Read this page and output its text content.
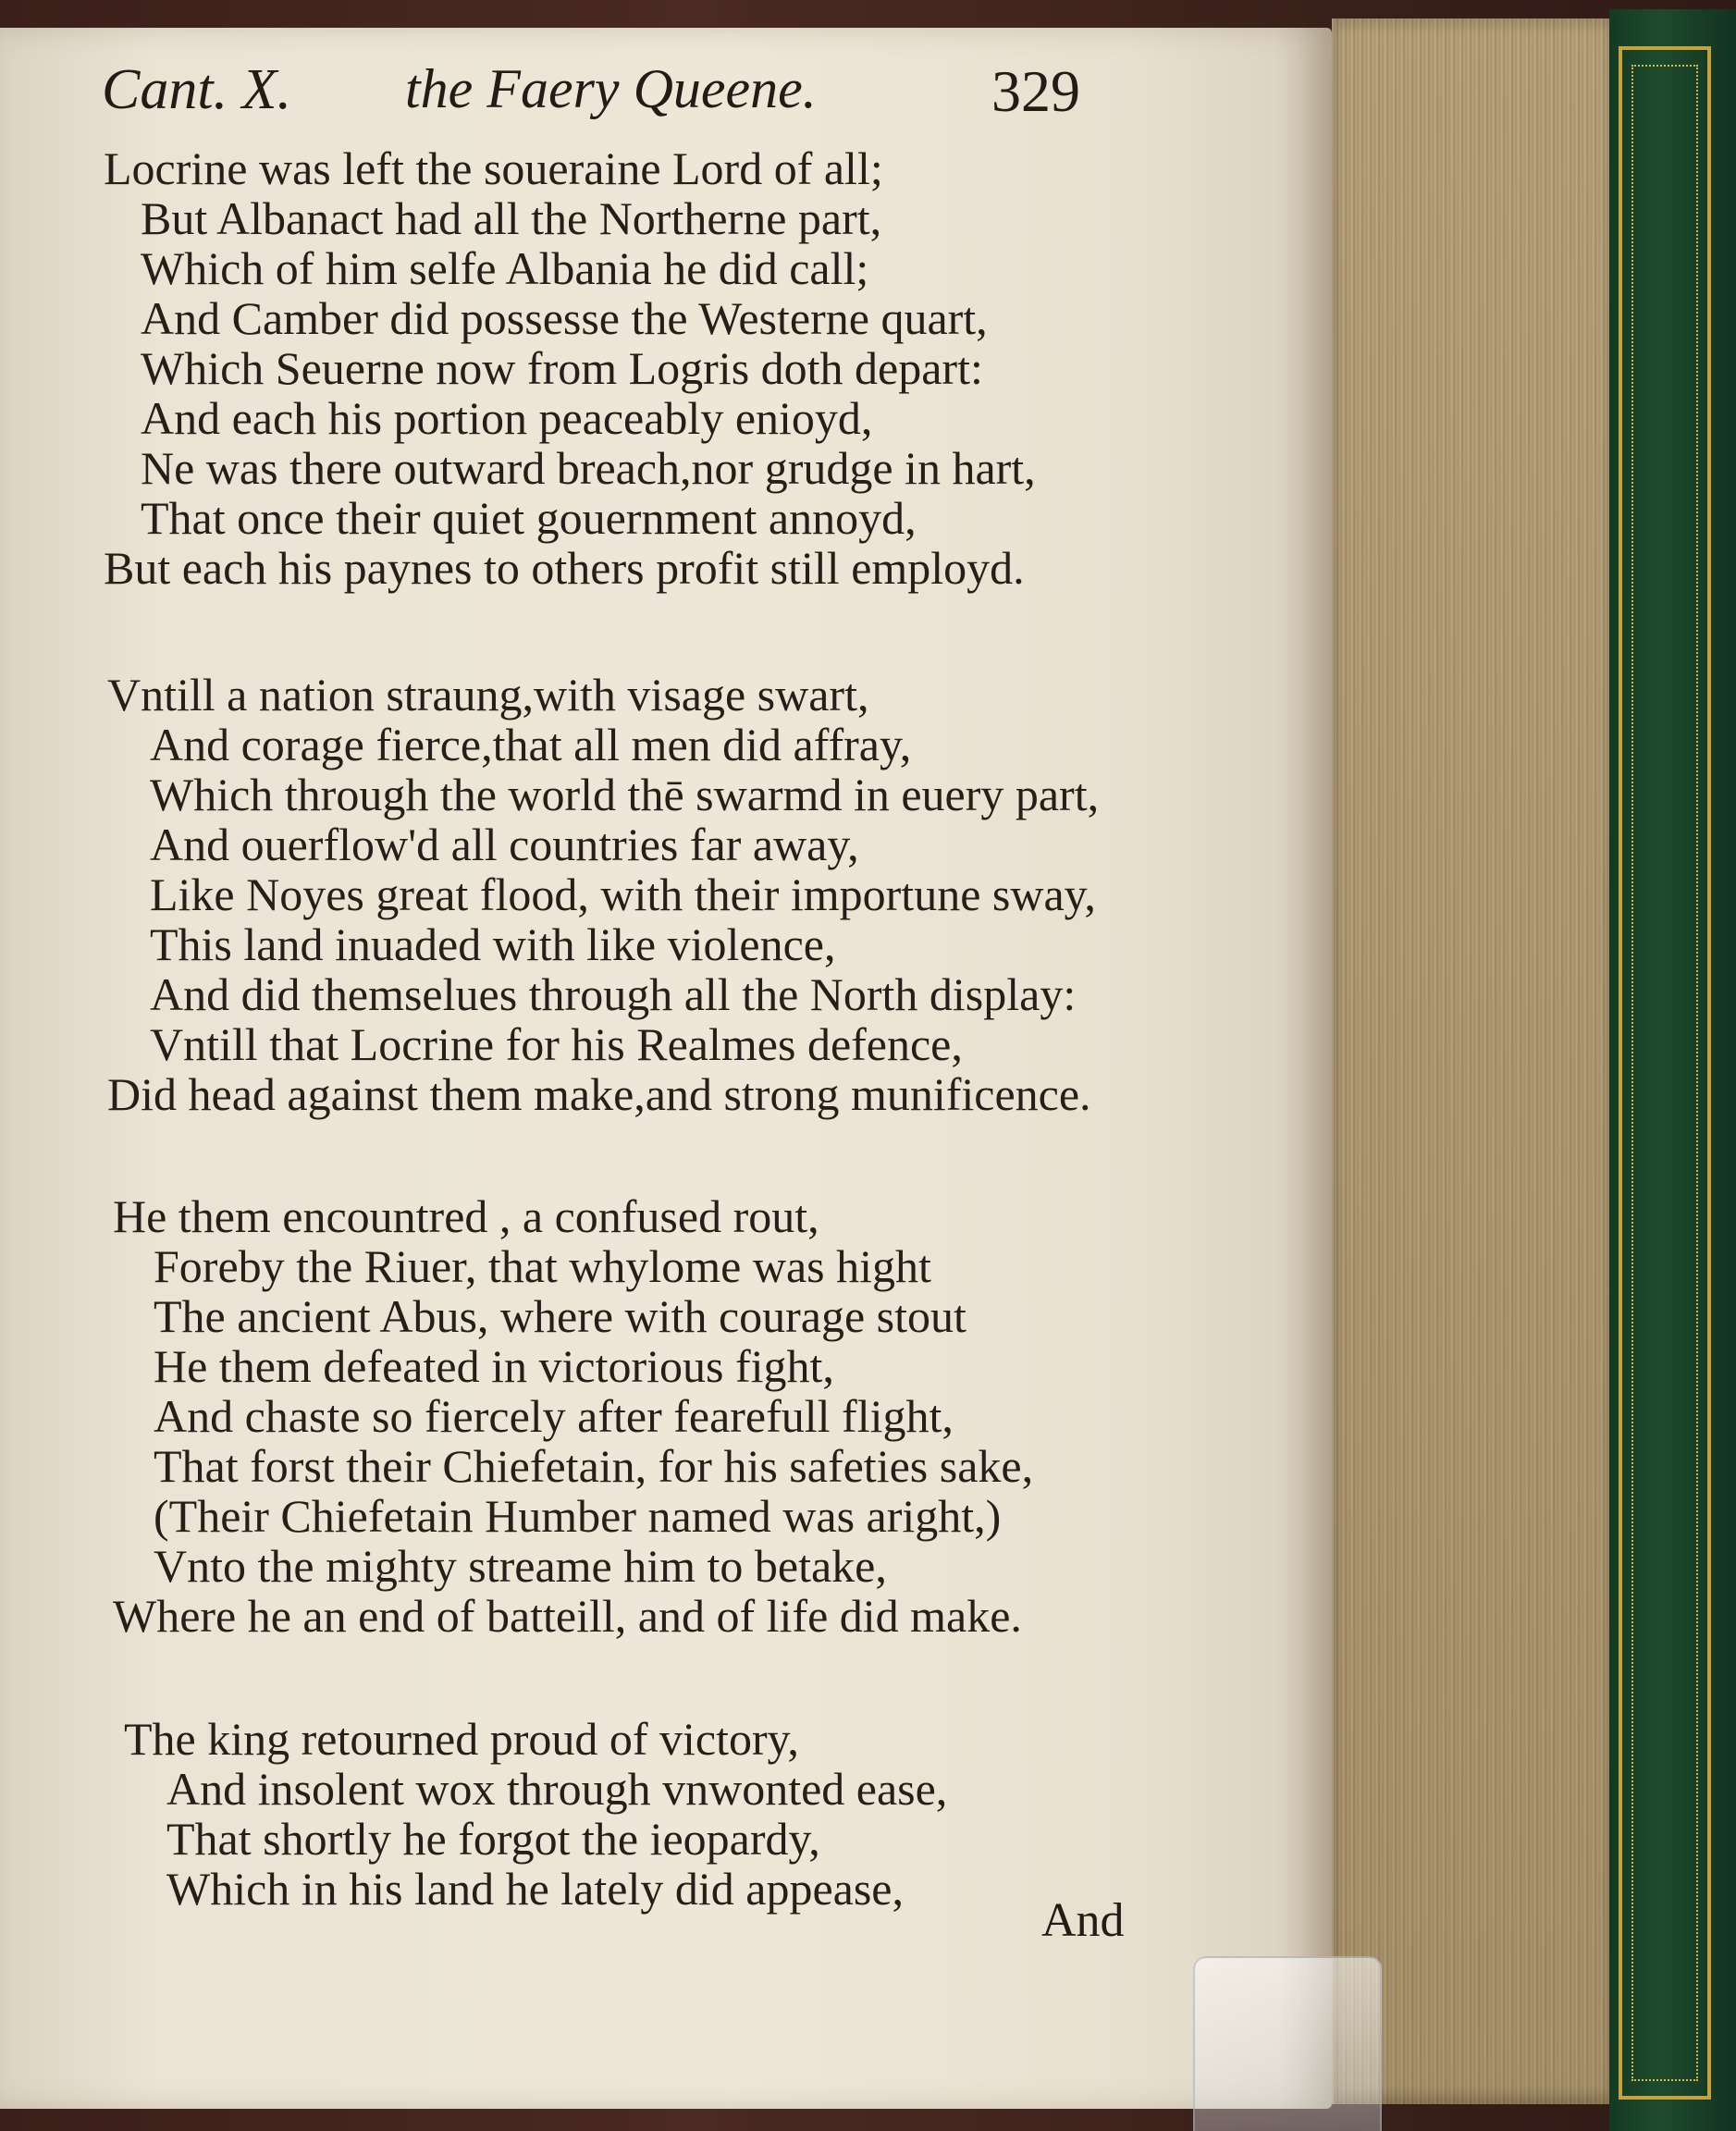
Cant. X. the Faery Queene.	329
Locrine was left the soueraine Lord of all;
But Albanact had all the Northerne part,
Which of him selfe Albania he did call;
And Camber did possesse the Westerne quart,
Which Seuerne now from Logris doth depart:
And each his portion peaceably enioyd,
Ne was there outward breach,nor grudge in hart,
That once their quiet gouernment annoyd,
But each his paynes to others profit still employd.
Vntill a nation straung,with visage swart,
And corage fierce,that all men did affray,
Which through the world thē swarmd in euery part,
And ouerflow'd all countries far away,
Like Noyes great flood, with their importune sway,
This land inuaded with like violence,
And did themselues through all the North display:
Vntill that Locrine for his Realmes defence,
Did head against them make,and strong munificence.
He them encountred , a confused rout,
Foreby the Riuer, that whylome was hight
The ancient Abus, where with courage stout
He them defeated in victorious fight,
And chaste so fiercely after fearefull flight,
That forst their Chiefetain, for his safeties sake,
(Their Chiefetain Humber named was aright,)
Vnto the mighty streame him to betake,
Where he an end of batteill, and of life did make.
The king retourned proud of victory,
And insolent wox through vnwonted ease,
That shortly he forgot the ieopardy,
Which in his land he lately did appease,
And
